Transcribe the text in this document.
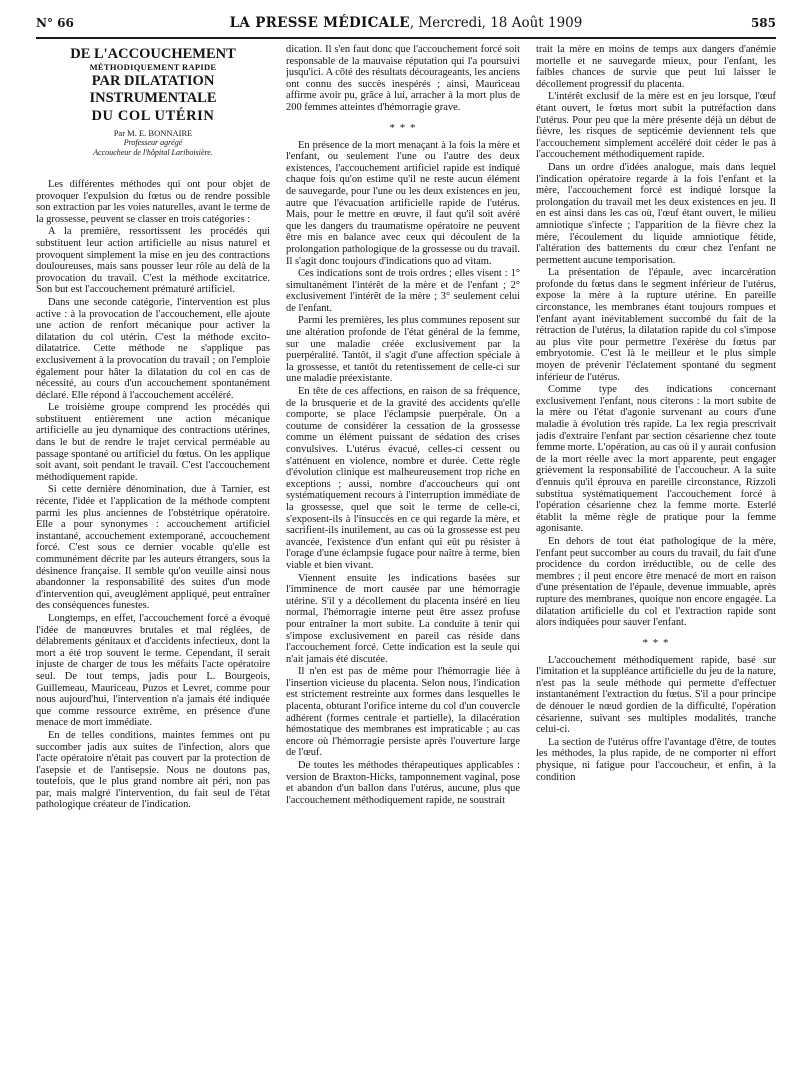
N° 66	LA PRESSE MÉDICALE, Mercredi, 18 Août 1909	585
DE L'ACCOUCHEMENT
MÉTHODIQUEMENT RAPIDE
PAR DILATATION INSTRUMENTALE
DU COL UTÉRIN
Par M. E. BONNAIRE
Professeur agrégé
Accoucheur de l'hôpital Lariboisière.

Les différentes méthodes qui ont pour objet de provoquer l'expulsion du fœtus ou de rendre possible son extraction par les voies naturelles, avant le terme de la grossesse, peuvent se classer en trois catégories :

A la première, ressortissent les procédés qui substituent leur action artificielle au nisus naturel et provoquent simplement la mise en jeu des contractions douloureuses, mais sans pousser leur rôle au delà de la provocation du travail. C'est la méthode excitatrice. Son but est l'accouchement prématuré artificiel.

Dans une seconde catégorie, l'intervention est plus active : à la provocation de l'accouchement, elle ajoute une action de renfort mécanique pour activer la dilatation du col utérin. C'est la méthode excito-dilatatrice. Cette méthode ne s'applique pas exclusivement à la provocation du travail ; on l'emploie également pour hâter la dilatation du col en cas de nécessité, au cours d'un accouchement spontanément déclaré. Elle répond à l'accouchement accéléré.

Le troisième groupe comprend les procédés qui substituent entièrement une action mécanique artificielle au jeu dynamique des contractions utérines, dans le but de rendre le trajet cervical perméable au passage spontané ou artificiel du fœtus. On les applique soit avant, soit pendant le travail. C'est l'accouchement méthodiquement rapide.

Si cette dernière dénomination, due à Tarnier, est récente, l'idée et l'application de la méthode comptent parmi les plus anciennes de l'obstétrique opératoire. Elle a pour synonymes : accouchement artificiel instantané, accouchement extemporané, accouchement forcé. C'est sous ce dernier vocable qu'elle est communément décrite par les auteurs étrangers, sous la désinence française. Il semble qu'on veuille ainsi nous abandonner la responsabilité des suites d'un mode d'intervention qui, aveuglément appliqué, peut entraîner des conséquences funestes.

Longtemps, en effet, l'accouchement forcé a évoqué l'idée de manœuvres brutales et mal réglées, de délabrements génitaux et d'accidents infectieux, dont la mort a été trop souvent le terme. Cependant, il serait injuste de charger de tous les méfaits l'acte opératoire seul. De tout temps, jadis pour L. Bourgeois, Guillemeau, Mauriceau, Puzos et Levret, comme pour nous aujourd'hui, l'intervention n'a jamais été indiquée que comme ressource extrême, en présence d'une menace de mort immédiate.

En de telles conditions, maintes femmes ont pu succomber jadis aux suites de l'infection, alors que l'acte opératoire n'était pas couvert par la protection de l'asepsie et de l'antisepsie. Nous ne doutons pas, toutefois, que le plus grand nombre ait péri, non pas par, mais malgré l'intervention, du fait seul de l'état pathologique créateur de l'indication.

dication. Il s'en faut donc que l'accouchement forcé soit responsable de la mauvaise réputation qui l'a poursuivi jusqu'ici. A côté des résultats décourageants, les anciens ont connu des succès inespérés ; ainsi, Mauriceau affirme avoir pu, grâce à lui, arracher à la mort plus de 200 femmes atteintes d'hémorragie grave.

* * *

En présence de la mort menaçant à la fois la mère et l'enfant, ou seulement l'une ou l'autre des deux existences, l'accouchement artificiel rapide est indiqué chaque fois qu'on estime qu'il ne reste aucun élément de sauvegarde, pour l'une ou les deux existences en jeu, autre que l'évacuation artificielle rapide de l'utérus. Mais, pour le mettre en œuvre, il faut qu'il soit avéré que les dangers du traumatisme opératoire ne peuvent être mis en balance avec ceux qui découlent de la prolongation pathologique de la grossesse ou du travail. Il s'agit donc toujours d'indications quo ad vitam.

Ces indications sont de trois ordres ; elles visent : 1° simultanément l'intérêt de la mère et de l'enfant ; 2° exclusivement l'intérêt de la mère ; 3° seulement celui de l'enfant.

Parmi les premières, les plus communes reposent sur une altération profonde de l'état général de la femme, sur une maladie créée exclusivement par la puerpéralité. Tantôt, il s'agit d'une affection spéciale à la grossesse, et tantôt du retentissement de celle-ci sur une maladie préexistante.

En tête de ces affections, en raison de sa fréquence, de la brusquerie et de la gravité des accidents qu'elle comporte, se place l'éclampsie puerpérale. On a coutume de considérer la cessation de la grossesse comme un élément puissant de sédation des crises convulsives. L'utérus évacué, celles-ci cessent ou s'atténuent en violence, nombre et durée. Cette règle d'évolution clinique est malheureusement trop riche en exceptions ; aussi, nombre d'accoucheurs qui ont systématiquement recours à l'interruption immédiate de la grossesse, quel que soit le terme de celle-ci, s'exposent-ils à l'insuccès en ce qui regarde la mère, et sacrifient-ils inutilement, au cas où la grossesse est peu avancée, l'existence d'un enfant qui eût pu résister à l'orage d'une éclampsie fugace pour naître à terme, bien viable et bien vivant.

Viennent ensuite les indications basées sur l'imminence de mort causée par une hémorragie utérine. S'il y a décollement du placenta inséré en lieu normal, l'hémorragie interne peut être assez profuse pour entraîner la mort subite. La conduite à tenir qui s'impose exclusivement en pareil cas réside dans l'accouchement forcé. Cette indication est la seule qui n'ait jamais été discutée.

Il n'en est pas de même pour l'hémorragie liée à l'insertion vicieuse du placenta. Selon nous, l'indication est strictement restreinte aux formes dans lesquelles le placenta, obturant l'orifice interne du col d'un couvercle adhérent (formes centrale et partielle), la dilacération hémostatique des membranes est impraticable ; au cas encore où l'hémorragie persiste après l'ouverture large de l'œuf.

De toutes les méthodes thérapeutiques applicables : version de Braxton-Hicks, tamponnement vaginal, pose et abandon d'un ballon dans l'utérus, aucune, plus que l'accouchement méthodiquement rapide, ne soustrait

trait la mère en moins de temps aux dangers d'anémie mortelle et ne sauvegarde mieux, pour l'enfant, les faibles chances de survie que peut lui laisser le décollement progressif du placenta.

L'intérêt exclusif de la mère est en jeu lorsque, l'œuf étant ouvert, le fœtus mort subit la putréfaction dans l'utérus. Pour peu que la mère présente déjà un début de fièvre, les risques de septicémie deviennent tels que l'accouchement simplement accéléré doit céder le pas à l'accouchement méthodiquement rapide.

Dans un ordre d'idées analogue, mais dans lequel l'indication opératoire regarde à la fois l'enfant et la mère, l'accouchement forcé est indiqué lorsque la prolongation du travail met les deux existences en jeu. Il en est ainsi dans les cas où, l'œuf étant ouvert, le milieu amniotique s'infecte ; l'apparition de la fièvre chez la mère, l'écoulement du liquide amniotique fétide, l'altération des battements du cœur chez l'enfant ne permettent aucune temporisation.

La présentation de l'épaule, avec incarcération profonde du fœtus dans le segment inférieur de l'utérus, expose la mère à la rupture utérine. En pareille circonstance, les membranes étant toujours rompues et l'enfant ayant inévitablement succombé du fait de la rétraction de l'utérus, la dilatation rapide du col s'impose au plus vite pour permettre l'exérèse du fœtus par embryotomie. C'est là le meilleur et le plus simple moyen de prévenir l'éclatement spontané du segment inférieur de l'utérus.

Comme type des indications concernant exclusivement l'enfant, nous citerons : la mort subite de la mère ou l'état d'agonie survenant au cours d'une maladie à évolution très rapide. La lex regia prescrivait jadis d'extraire l'enfant par section césarienne chez toute femme morte. L'opération, au cas où il y aurait confusion de la mort réelle avec la mort apparente, peut engager grièvement la responsabilité de l'accoucheur. A la suite d'ennuis qu'il éprouva en pareille circonstance, Rizzoli substitua systématiquement l'accouchement forcé à l'opération césarienne chez la femme morte. Esterlé établit la même règle de pratique pour la femme agonisante.

En dehors de tout état pathologique de la mère, l'enfant peut succomber au cours du travail, du fait d'une procidence du cordon irréductible, ou de celle des membres ; il peut encore être menacé de mort en raison d'une présentation de l'épaule, devenue immuable, après rupture des membranes, quoique non encore engagée. La dilatation artificielle du col et l'extraction rapide sont alors indiquées pour sauver l'enfant.

* * *

L'accouchement méthodiquement rapide, basé sur l'imitation et la suppléance artificielle du jeu de la nature, n'est pas la seule méthode qui permette d'effectuer instantanément l'extraction du fœtus. S'il a pour principe de dénouer le nœud gordien de la difficulté, l'opération césarienne, suivant ses multiples modalités, tranche celui-ci.

La section de l'utérus offre l'avantage d'être, de toutes les méthodes, la plus rapide, de ne comporter ni effort physique, ni fatigue pour l'accoucheur, et enfin, à la condition
